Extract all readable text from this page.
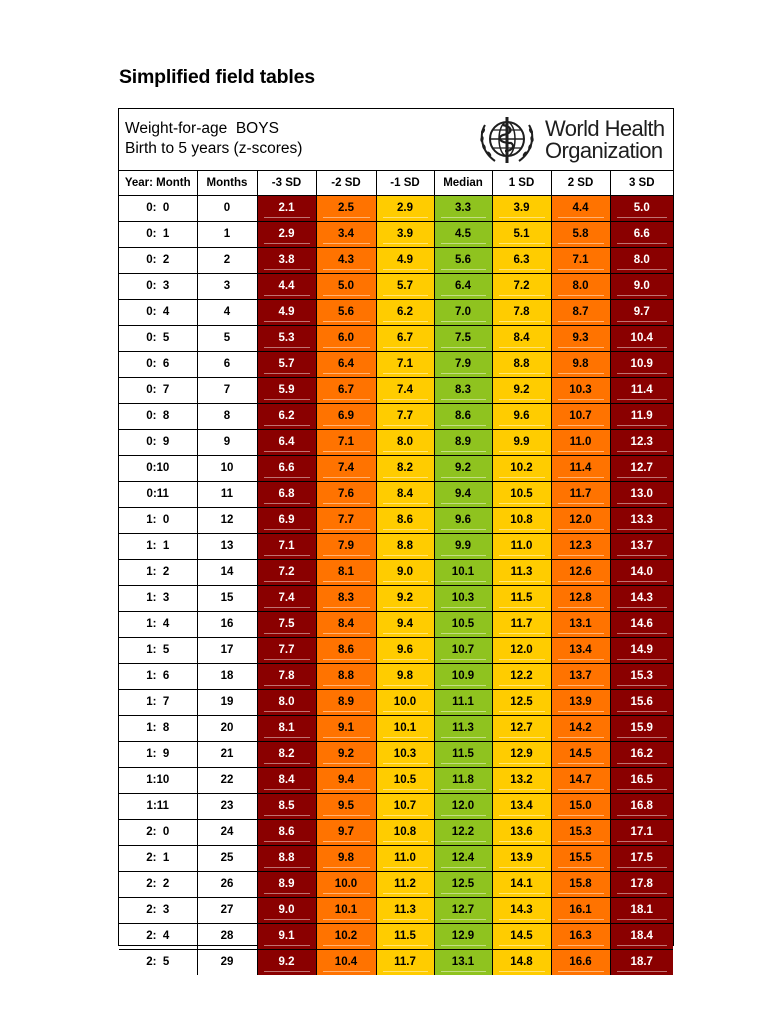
Simplified field tables
Weight-for-age  BOYS
Birth to 5 years (z-scores)
World Health
Organization
Year: Month	Months	-3 SD	-2 SD	-1 SD	Median	1 SD	2 SD	3 SD
0:  0	0	2.1	2.5	2.9	3.3	3.9	4.4	5.0
0:  1	1	2.9	3.4	3.9	4.5	5.1	5.8	6.6
0:  2	2	3.8	4.3	4.9	5.6	6.3	7.1	8.0
0:  3	3	4.4	5.0	5.7	6.4	7.2	8.0	9.0
0:  4	4	4.9	5.6	6.2	7.0	7.8	8.7	9.7
0:  5	5	5.3	6.0	6.7	7.5	8.4	9.3	10.4
0:  6	6	5.7	6.4	7.1	7.9	8.8	9.8	10.9
0:  7	7	5.9	6.7	7.4	8.3	9.2	10.3	11.4
0:  8	8	6.2	6.9	7.7	8.6	9.6	10.7	11.9
0:  9	9	6.4	7.1	8.0	8.9	9.9	11.0	12.3
0:10	10	6.6	7.4	8.2	9.2	10.2	11.4	12.7
0:11	11	6.8	7.6	8.4	9.4	10.5	11.7	13.0
1:  0	12	6.9	7.7	8.6	9.6	10.8	12.0	13.3
1:  1	13	7.1	7.9	8.8	9.9	11.0	12.3	13.7
1:  2	14	7.2	8.1	9.0	10.1	11.3	12.6	14.0
1:  3	15	7.4	8.3	9.2	10.3	11.5	12.8	14.3
1:  4	16	7.5	8.4	9.4	10.5	11.7	13.1	14.6
1:  5	17	7.7	8.6	9.6	10.7	12.0	13.4	14.9
1:  6	18	7.8	8.8	9.8	10.9	12.2	13.7	15.3
1:  7	19	8.0	8.9	10.0	11.1	12.5	13.9	15.6
1:  8	20	8.1	9.1	10.1	11.3	12.7	14.2	15.9
1:  9	21	8.2	9.2	10.3	11.5	12.9	14.5	16.2
1:10	22	8.4	9.4	10.5	11.8	13.2	14.7	16.5
1:11	23	8.5	9.5	10.7	12.0	13.4	15.0	16.8
2:  0	24	8.6	9.7	10.8	12.2	13.6	15.3	17.1
2:  1	25	8.8	9.8	11.0	12.4	13.9	15.5	17.5
2:  2	26	8.9	10.0	11.2	12.5	14.1	15.8	17.8
2:  3	27	9.0	10.1	11.3	12.7	14.3	16.1	18.1
2:  4	28	9.1	10.2	11.5	12.9	14.5	16.3	18.4
2:  5	29	9.2	10.4	11.7	13.1	14.8	16.6	18.7
